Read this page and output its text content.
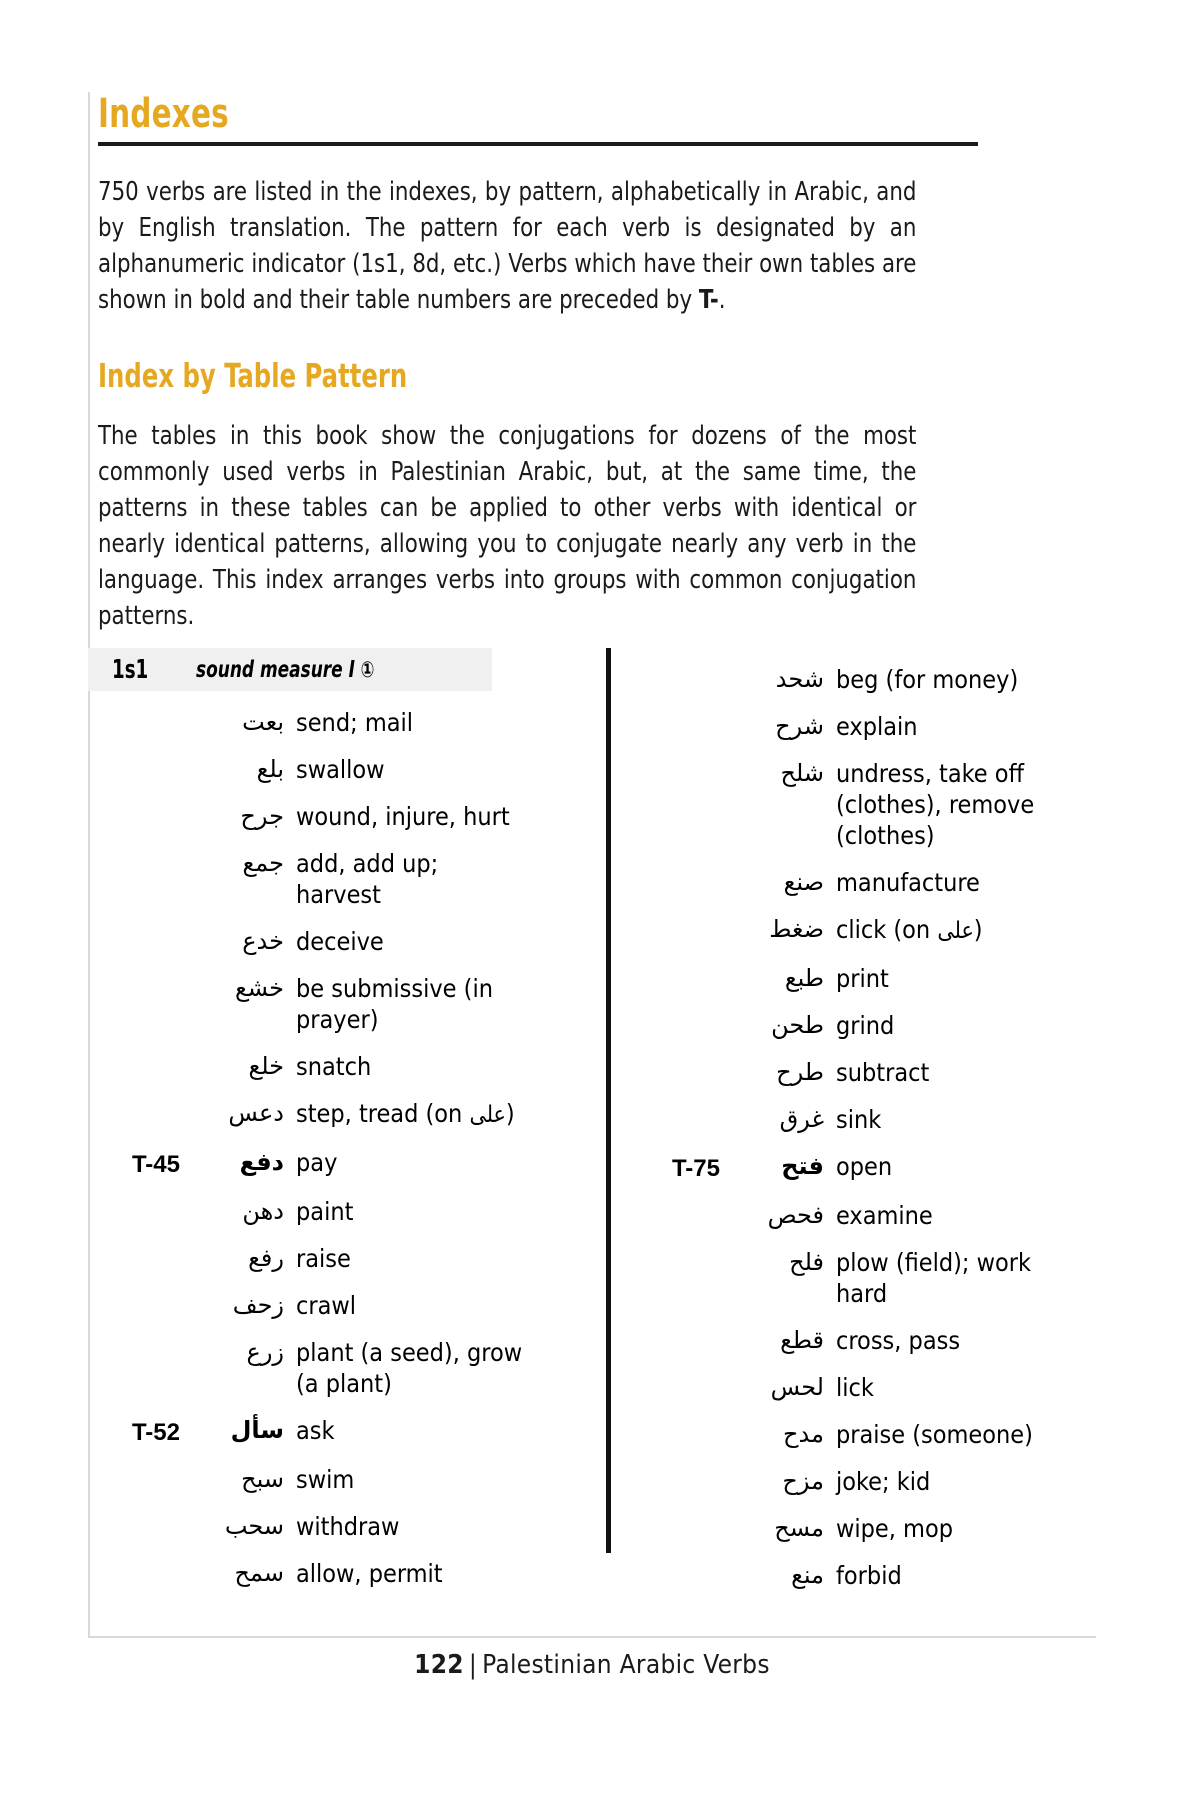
Indexes

750 verbs are listed in the indexes, by pattern, alphabetically in Arabic, and by English translation. The pattern for each verb is designated by an alphanumeric indicator (1s1, 8d, etc.) Verbs which have their own tables are shown in bold and their table numbers are preceded by T-.

Index by Table Pattern

The tables in this book show the conjugations for dozens of the most commonly used verbs in Palestinian Arabic, but, at the same time, the patterns in these tables can be applied to other verbs with identical or nearly identical patterns, allowing you to conjugate nearly any verb in the language. This index arranges verbs into groups with common conjugation patterns.

1s1 sound measure I ①
بعت send; mail
بلع swallow
جرح wound, injure, hurt
جمع add, add up; harvest
خدع deceive
خشع be submissive (in prayer)
خلع snatch
دعس step, tread (on على)
T-45	دفع pay
دهن paint
رفع raise
زحف crawl
زرع plant (a seed), grow (a plant)
T-52	سأل ask
سبح swim
سحب withdraw
سمح allow, permit
شحد beg (for money)
شرح explain
شلح undress, take off (clothes), remove (clothes)
صنع manufacture
ضغط click (on على)
طبع print
طحن grind
طرح subtract
غرق sink
T-75	فتح open
فحص examine
فلح plow (field); work hard
قطع cross, pass
لحس lick
مدح praise (someone)
مزح joke; kid
مسح wipe, mop
منع forbid
122 | Palestinian Arabic Verbs
